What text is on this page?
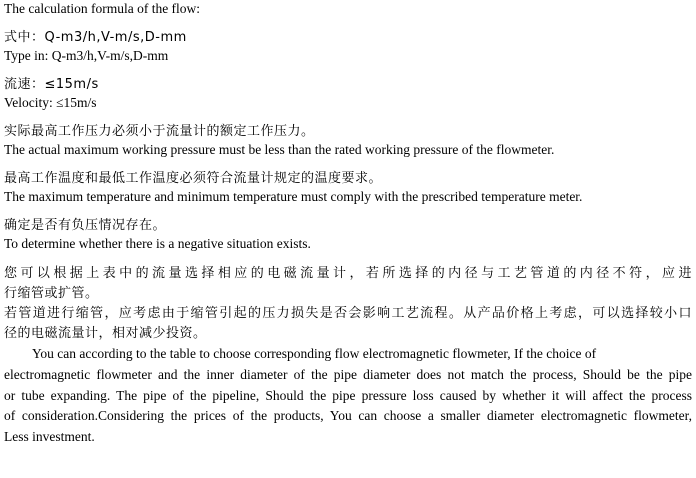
The calculation formula of the flow:
式中：Q-m3/h,V-m/s,D-mm
Type in: Q-m3/h,V-m/s,D-mm
流速：≤15m/s
Velocity: ≤15m/s
实际最高工作压力必须小于流量计的额定工作压力。
The actual maximum working pressure must be less than the rated working pressure of the flowmeter.
最高工作温度和最低工作温度必须符合流量计规定的温度要求。
The maximum temperature and minimum temperature must comply with the prescribed temperature meter.
确定是否有负压情况存在。
To determine whether there is a negative situation exists.
您可以根据上表中的流量选择相应的电磁流量计，若所选择的内径与工艺管道的内径不符，应进
行缩管或扩管。
若管道进行缩管，应考虑由于缩管引起的压力损失是否会影响工艺流程。从产品价格上考虑，可以选择较小口
径的电磁流量计，相对减少投资。
You can according to the table to choose corresponding flow electromagnetic flowmeter, If the choice of
electromagnetic flowmeter and the inner diameter of the pipe diameter does not match the process, Should be the pipe
or tube expanding. The pipe of the pipeline, Should the pipe pressure loss caused by whether it will affect the process
of consideration.Considering the prices of the products, You can choose a smaller diameter electromagnetic flowmeter,
Less investment.
